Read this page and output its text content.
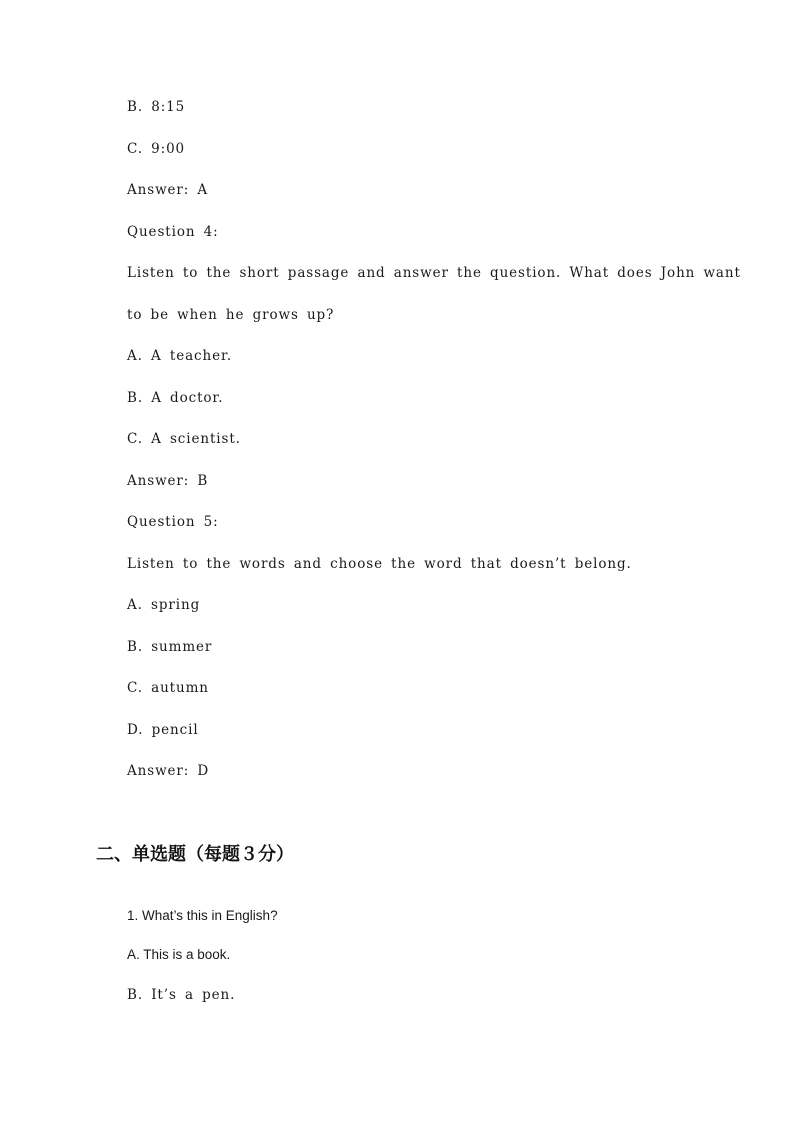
B. 8:15
C. 9:00
Answer: A
Question 4:
Listen to the short passage and answer the question. What does John want
to be when he grows up?
A. A teacher.
B. A doctor.
C. A scientist.
Answer: B
Question 5:
Listen to the words and choose the word that doesn’t belong.
A. spring
B. summer
C. autumn
D. pencil
Answer: D
二、单选题（每题３分）
1. What’s this in English?
A. This is a book.
B. It’s a pen.
